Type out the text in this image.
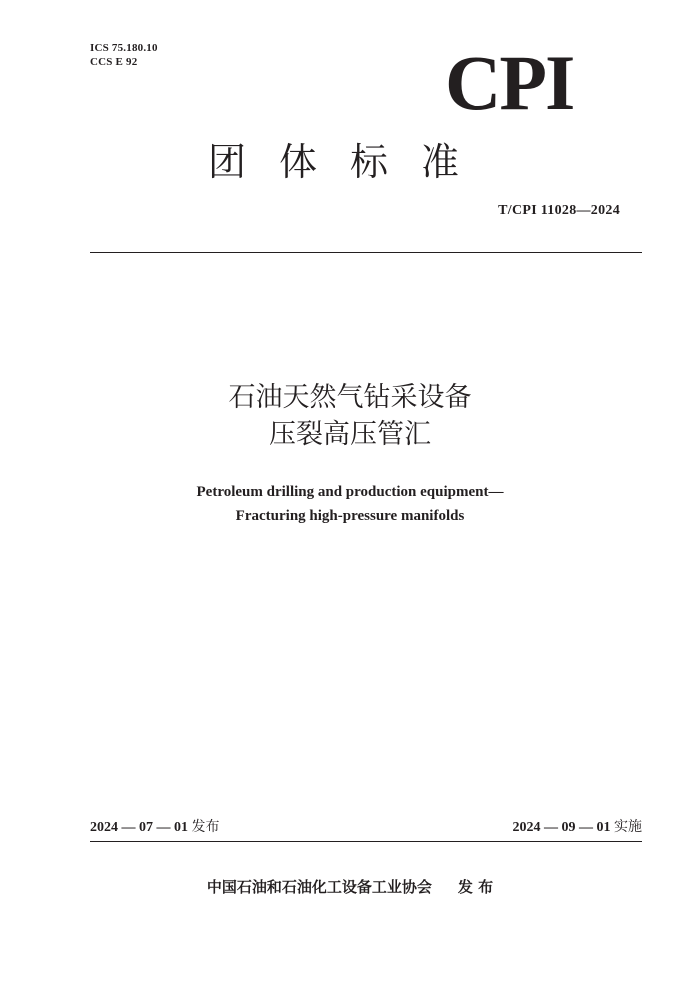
ICS 75.180.10
CCS E 92	CPI
团体标准
T/CPI 11028—2024
石油天然气钻采设备
压裂高压管汇
Petroleum drilling and production equipment—
Fracturing high-pressure manifolds
2024 — 07 — 01 发布	2024 — 09 — 01 实施
中国石油和石油化工设备工业协会 发 布
